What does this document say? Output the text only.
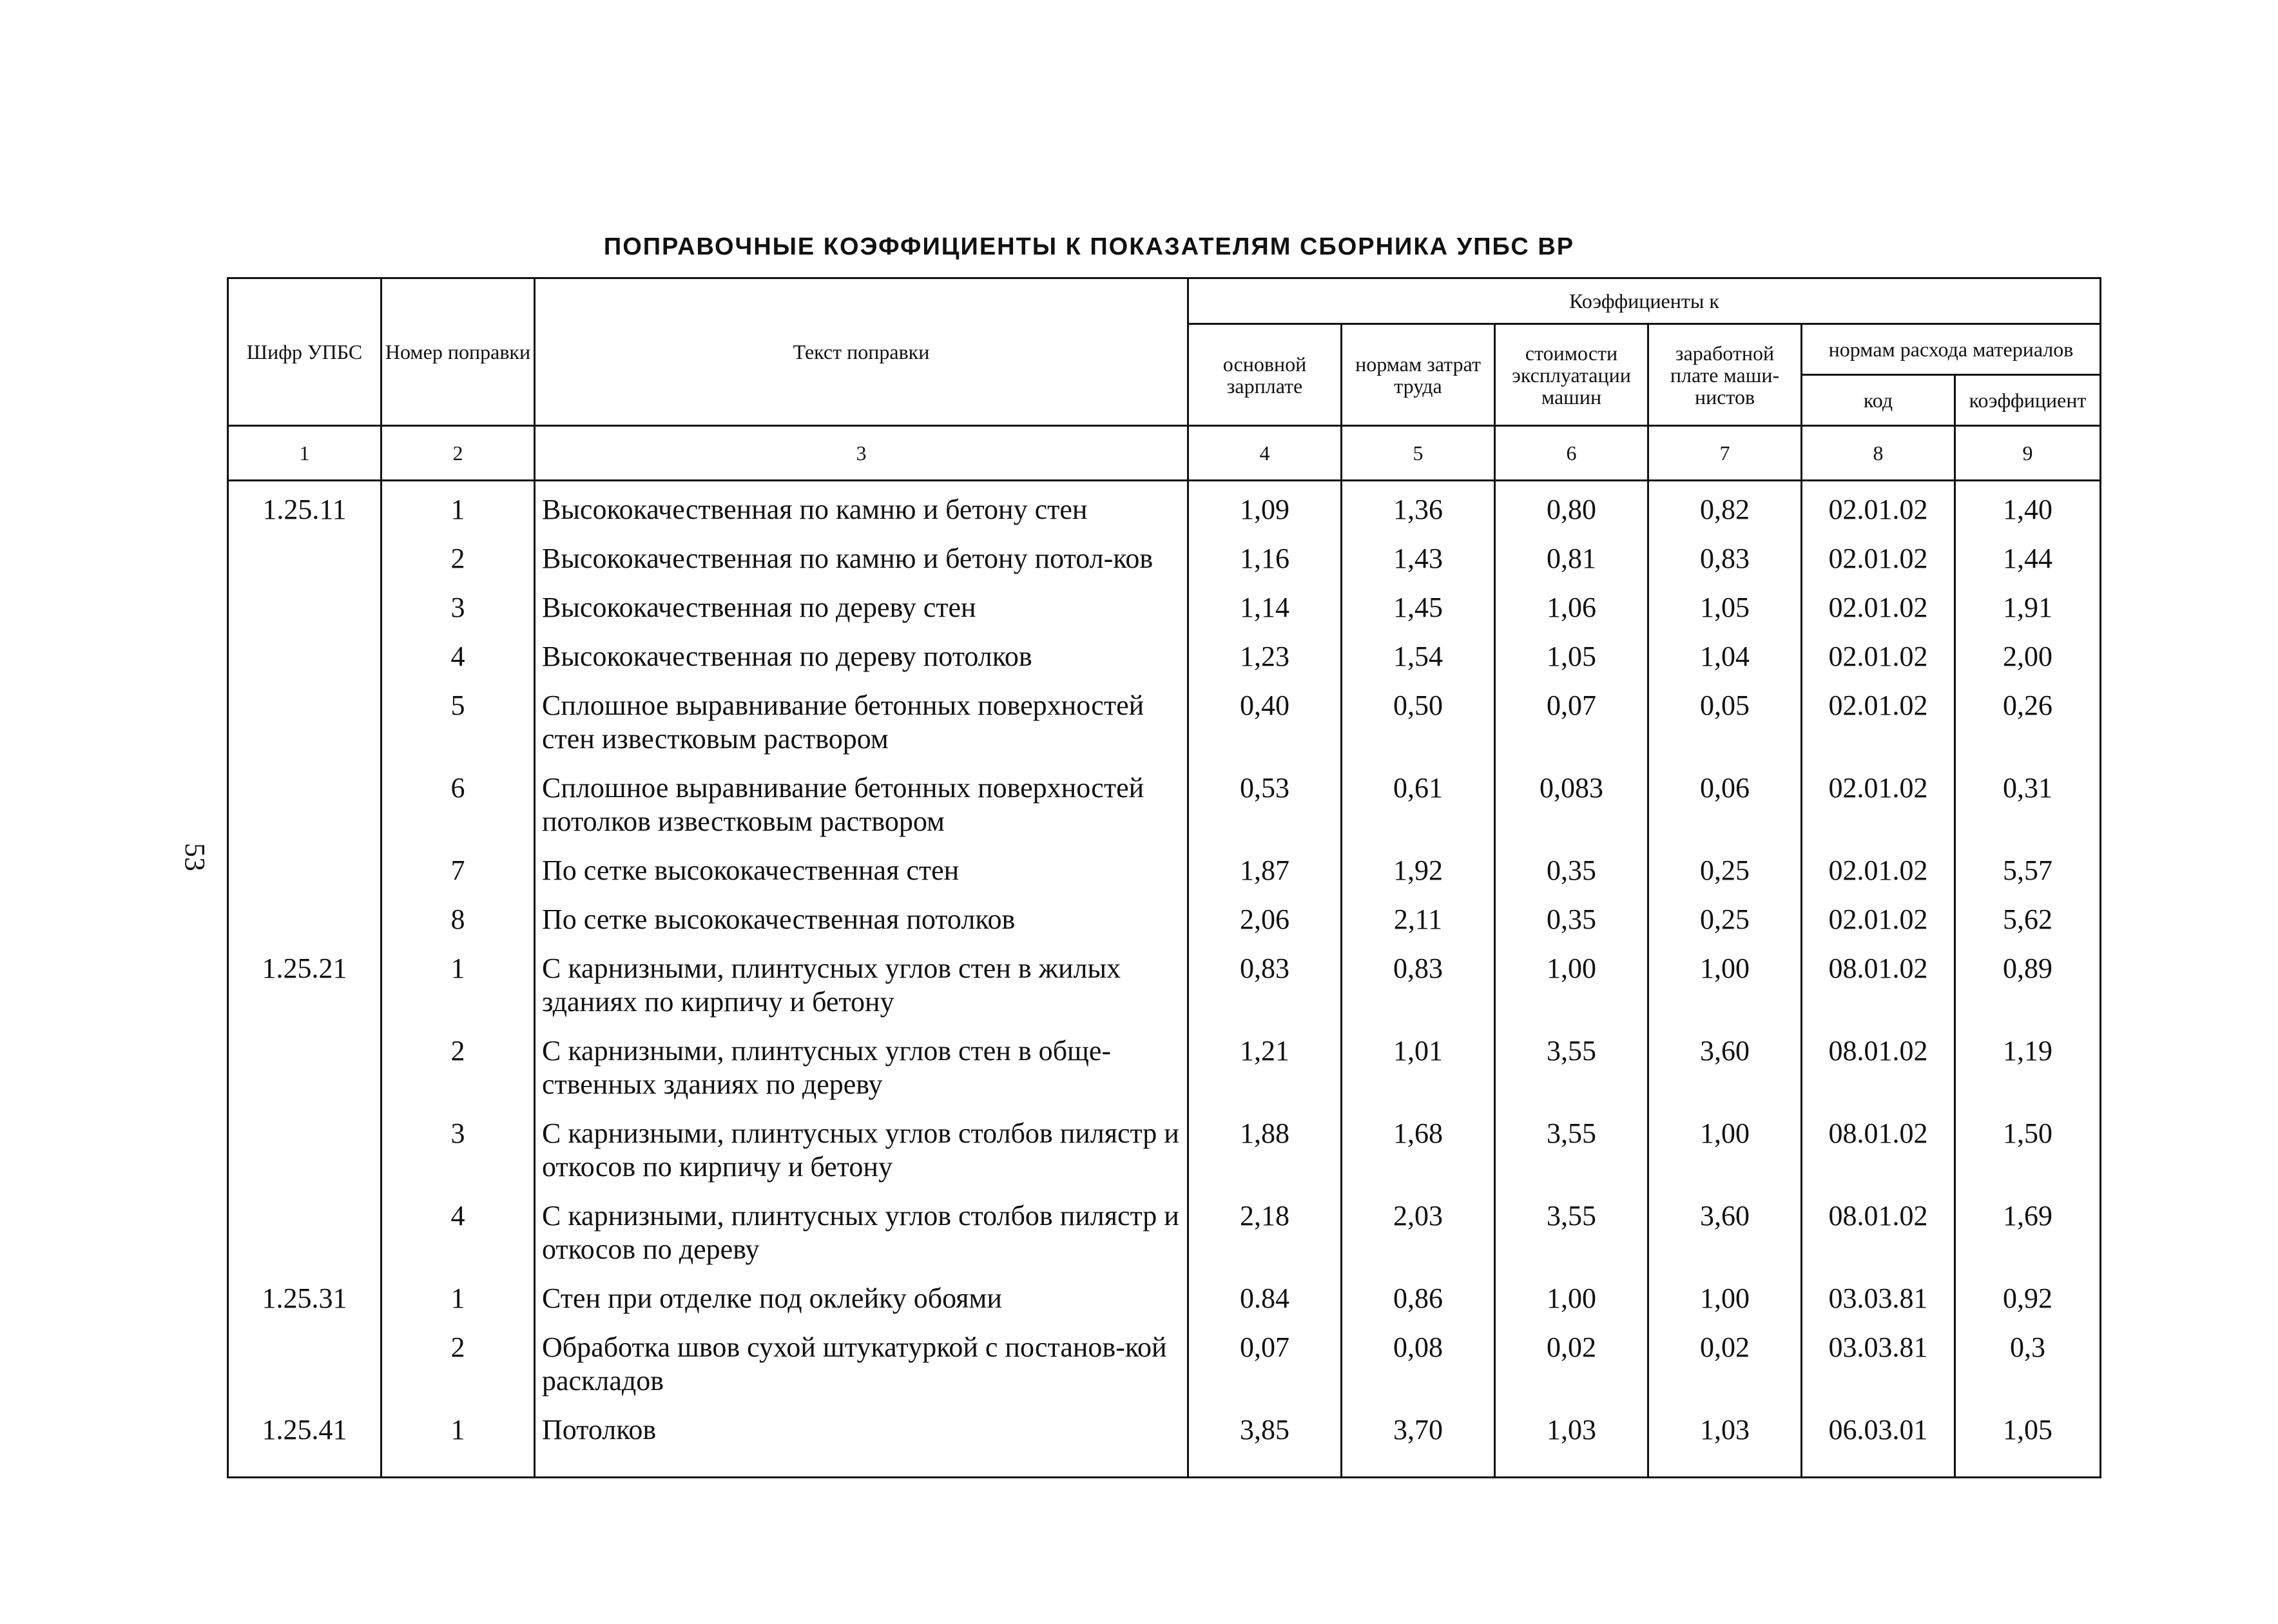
ПОПРАВОЧНЫЕ КОЭФФИЦИЕНТЫ К ПОКАЗАТЕЛЯМ СБОРНИКА УПБС ВР
53
Шифр УПБС	Номер поправки	Текст поправки	Коэффициенты к					
			основной зарплате	нормам затрат труда	стоимости эксплуатации машин	заработной плате маши-нистов	нормам расхода материалов	
							код	коэффициент
1	2	3	4	5	6	7	8	9
1.25.11	1	Высококачественная по камню и бетону стен	1,09	1,36	0,80	0,82	02.01.02	1,40
	2	Высококачественная по камню и бетону потол-ков	1,16	1,43	0,81	0,83	02.01.02	1,44
	3	Высококачественная по дереву стен	1,14	1,45	1,06	1,05	02.01.02	1,91
	4	Высококачественная по дереву потолков	1,23	1,54	1,05	1,04	02.01.02	2,00
	5	Сплошное выравнивание бетонных поверхностей стен известковым раствором	0,40	0,50	0,07	0,05	02.01.02	0,26
	6	Сплошное выравнивание бетонных поверхностей потолков известковым раствором	0,53	0,61	0,083	0,06	02.01.02	0,31
	7	По сетке высококачественная стен	1,87	1,92	0,35	0,25	02.01.02	5,57
	8	По сетке высококачественная потолков	2,06	2,11	0,35	0,25	02.01.02	5,62
1.25.21	1	С карнизными, плинтусных углов стен в жилых зданиях по кирпичу и бетону	0,83	0,83	1,00	1,00	08.01.02	0,89
	2	С карнизными, плинтусных углов стен в обще-ственных зданиях по дереву	1,21	1,01	3,55	3,60	08.01.02	1,19
	3	С карнизными, плинтусных углов столбов пилястр и откосов по кирпичу и бетону	1,88	1,68	3,55	1,00	08.01.02	1,50
	4	С карнизными, плинтусных углов столбов пилястр и откосов по дереву	2,18	2,03	3,55	3,60	08.01.02	1,69
1.25.31	1	Стен при отделке под оклейку обоями	0.84	0,86	1,00	1,00	03.03.81	0,92
	2	Обработка швов сухой штукатуркой с постанов-кой раскладов	0,07	0,08	0,02	0,02	03.03.81	0,3
1.25.41	1	Потолков	3,85	3,70	1,03	1,03	06.03.01	1,05
